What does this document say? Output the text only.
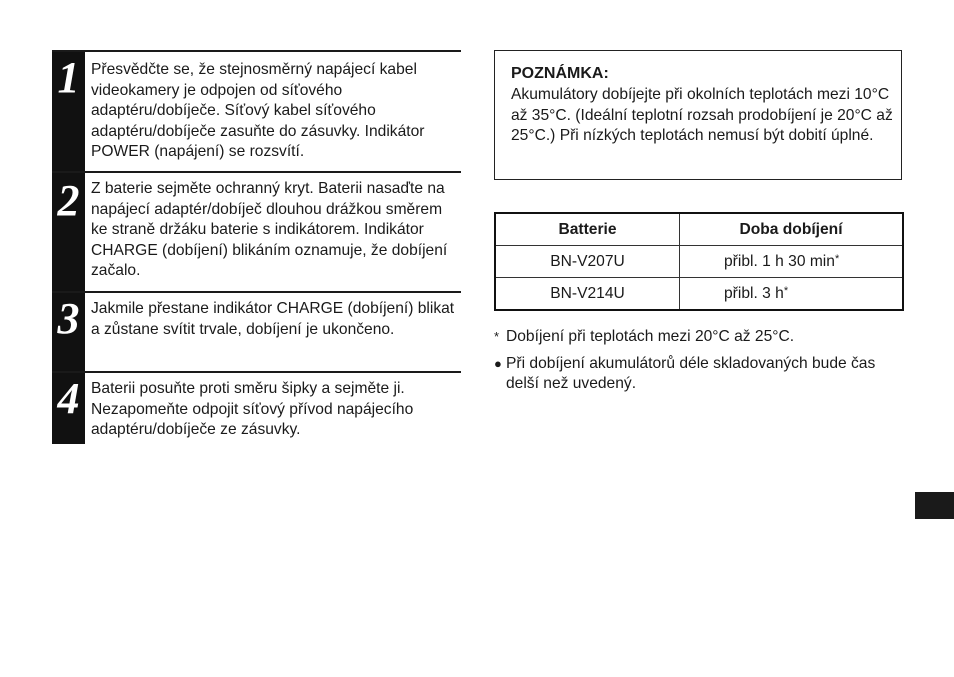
1 Přesvědčte se, že stejnosměrný napájecí kabel videokamery je odpojen od síťového adaptéru/dobíječe. Síťový kabel síťového adaptéru/dobíječe zasuňte do zásuvky. Indikátor POWER (napájení) se rozsvítí.
2 Z baterie sejměte ochranný kryt. Baterii nasaďte na napájecí adaptér/dobíječ dlouhou drážkou směrem ke straně držáku baterie s indikátorem. Indikátor CHARGE (dobíjení) blikáním oznamuje, že dobíjení začalo.
3 Jakmile přestane indikátor CHARGE (dobíjení) blikat a zůstane svítit trvale, dobíjení je ukončeno.
4 Baterii posuňte proti směru šipky a sejměte ji. Nezapomeňte odpojit síťový přívod napájecího adaptéru/dobíječe ze zásuvky.
POZNÁMKA:
Akumulátory dobíjejte při okolních teplotách mezi 10°C až 35°C. (Ideální teplotní rozsah prodobíjení je 20°C až 25°C.) Při nízkých teplotách nemusí být dobití úplné.
Batterie	Doba dobíjení
BN-V207U	přibl. 1 h 30 min*
BN-V214U	přibl. 3 h*
* Dobíjení při teplotách mezi 20°C až 25°C.
● Při dobíjení akumulátorů déle skladovaných bude čas delší než uvedený.
